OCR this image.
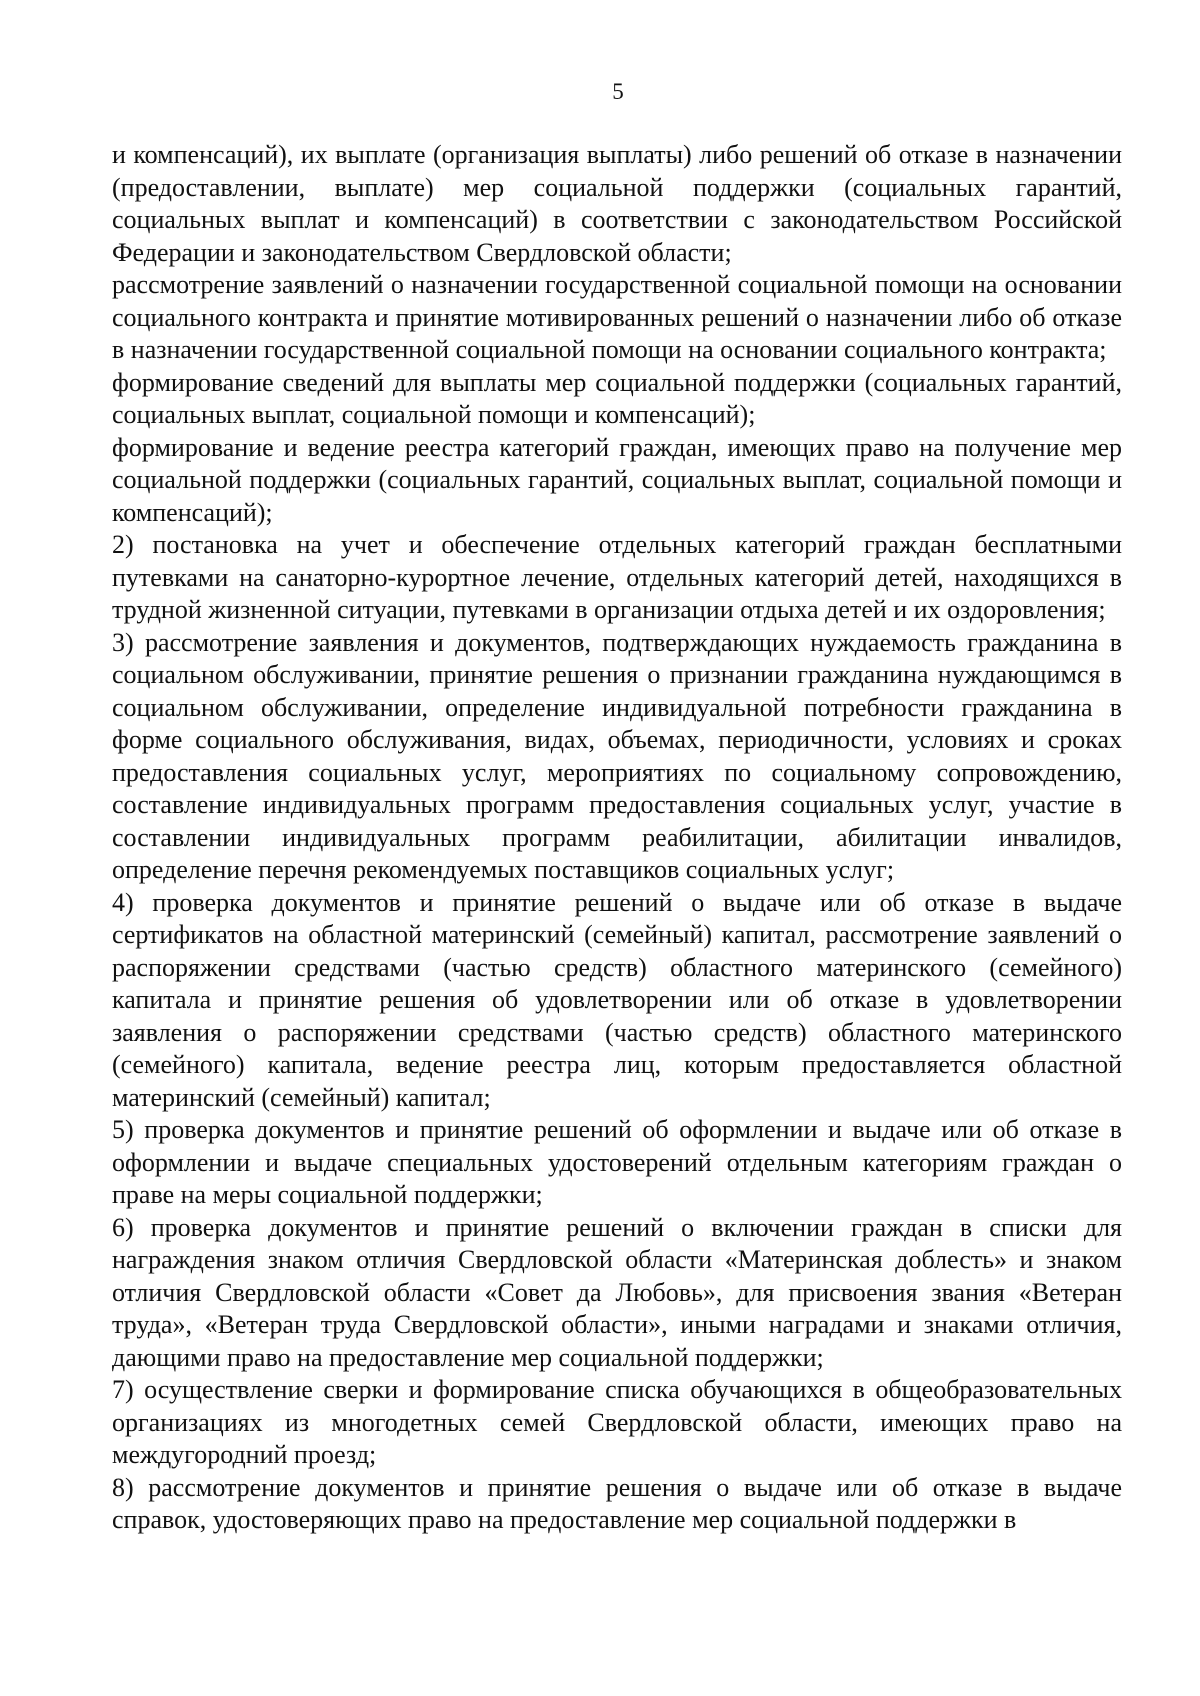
5

и компенсаций), их выплате (организация выплаты) либо решений об отказе в назначении (предоставлении, выплате) мер социальной поддержки (социальных гарантий, социальных выплат и компенсаций) в соответствии с законодательством Российской Федерации и законодательством Свердловской области;

рассмотрение заявлений о назначении государственной социальной помощи на основании социального контракта и принятие мотивированных решений о назначении либо об отказе в назначении государственной социальной помощи на основании социального контракта;

формирование сведений для выплаты мер социальной поддержки (социальных гарантий, социальных выплат, социальной помощи и компенсаций);

формирование и ведение реестра категорий граждан, имеющих право на получение мер социальной поддержки (социальных гарантий, социальных выплат, социальной помощи и компенсаций);

2) постановка на учет и обеспечение отдельных категорий граждан бесплатными путевками на санаторно-курортное лечение, отдельных категорий детей, находящихся в трудной жизненной ситуации, путевками в организации отдыха детей и их оздоровления;

3) рассмотрение заявления и документов, подтверждающих нуждаемость гражданина в социальном обслуживании, принятие решения о признании гражданина нуждающимся в социальном обслуживании, определение индивидуальной потребности гражданина в форме социального обслуживания, видах, объемах, периодичности, условиях и сроках предоставления социальных услуг, мероприятиях по социальному сопровождению, составление индивидуальных программ предоставления социальных услуг, участие в составлении индивидуальных программ реабилитации, абилитации инвалидов, определение перечня рекомендуемых поставщиков социальных услуг;

4) проверка документов и принятие решений о выдаче или об отказе в выдаче сертификатов на областной материнский (семейный) капитал, рассмотрение заявлений о распоряжении средствами (частью средств) областного материнского (семейного) капитала и принятие решения об удовлетворении или об отказе в удовлетворении заявления о распоряжении средствами (частью средств) областного материнского (семейного) капитала, ведение реестра лиц, которым предоставляется областной материнский (семейный) капитал;

5) проверка документов и принятие решений об оформлении и выдаче или об отказе в оформлении и выдаче специальных удостоверений отдельным категориям граждан о праве на меры социальной поддержки;

6) проверка документов и принятие решений о включении граждан в списки для награждения знаком отличия Свердловской области «Материнская доблесть» и знаком отличия Свердловской области «Совет да Любовь», для присвоения звания «Ветеран труда», «Ветеран труда Свердловской области», иными наградами и знаками отличия, дающими право на предоставление мер социальной поддержки;

7) осуществление сверки и формирование списка обучающихся в общеобразовательных организациях из многодетных семей Свердловской области, имеющих право на междугородний проезд;

8) рассмотрение документов и принятие решения о выдаче или об отказе в выдаче справок, удостоверяющих право на предоставление мер социальной поддержки в
